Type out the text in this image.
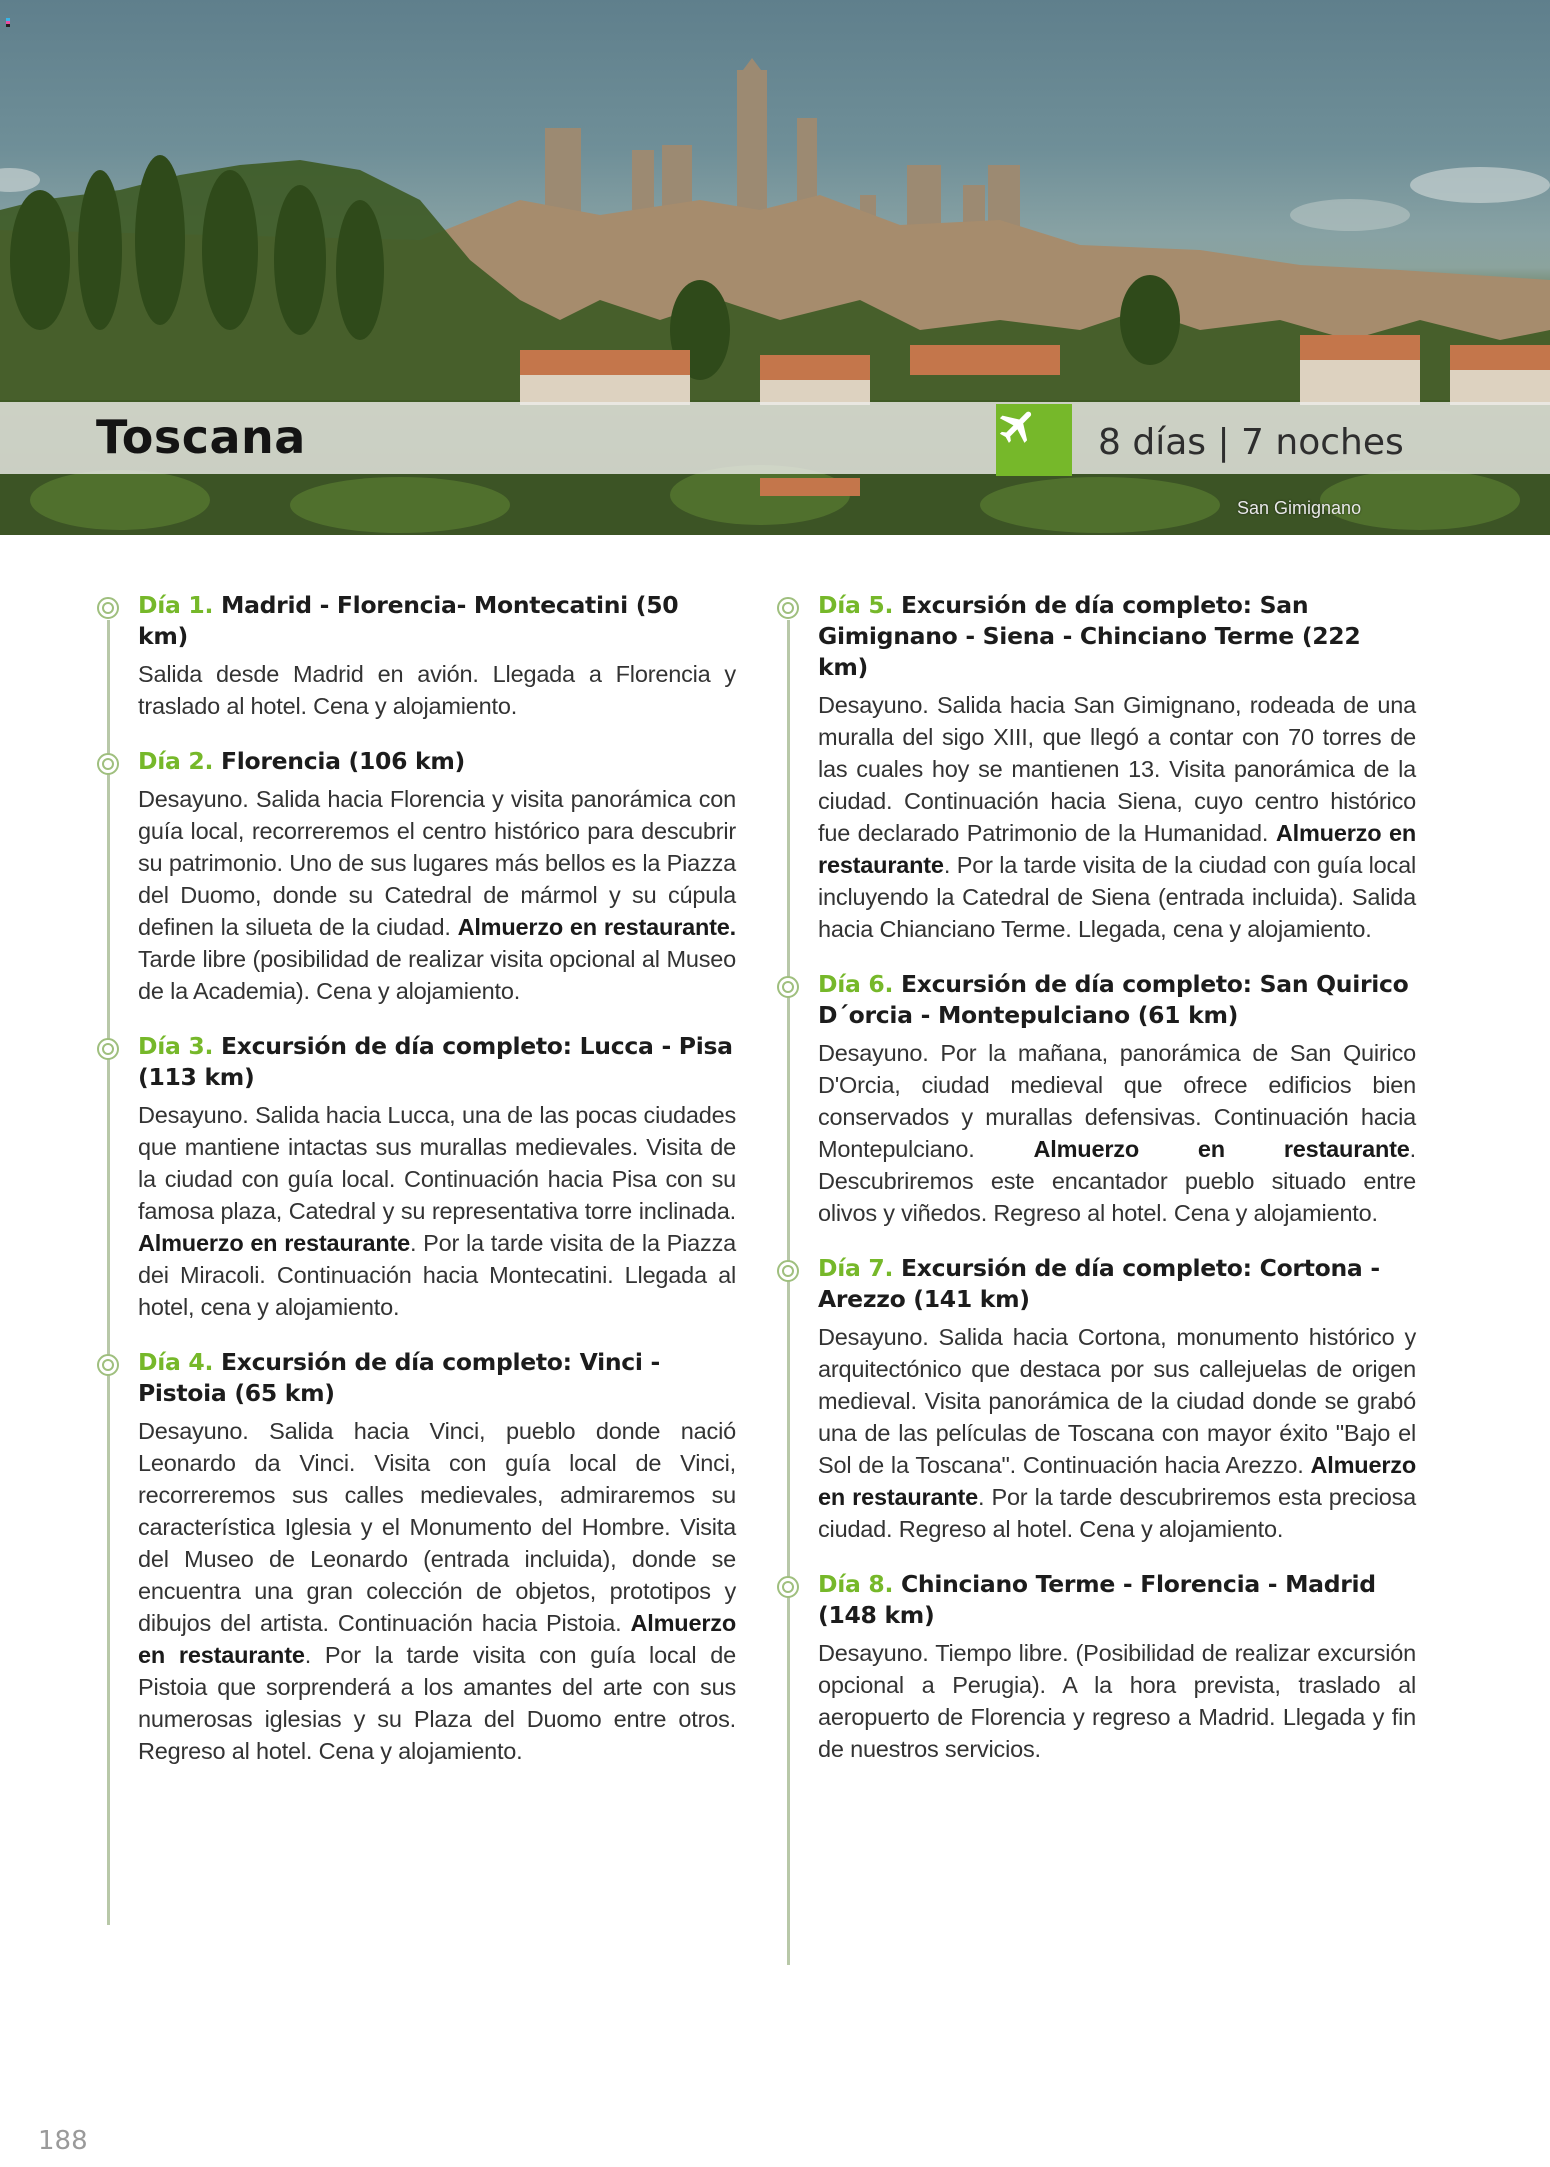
Toscana	8 días | 7 noches
San Gimignano
Día 1. Madrid - Florencia- Montecatini (50 km)

Salida desde Madrid en avión. Llegada a Florencia y traslado al hotel. Cena y alojamiento.

Día 2. Florencia (106 km)

Desayuno. Salida hacia Florencia y visita panorámica con guía local, recorreremos el centro histórico para descubrir su patrimonio. Uno de sus lugares más bellos es la Piazza del Duomo, donde su Catedral de mármol y su cúpula definen la silueta de la ciudad. Almuerzo en restaurante. Tarde libre (posibilidad de realizar visita opcional al Museo de la Academia). Cena y alojamiento.

Día 3. Excursión de día completo: Lucca - Pisa (113 km)

Desayuno. Salida hacia Lucca, una de las pocas ciudades que mantiene intactas sus murallas medievales. Visita de la ciudad con guía local. Continuación hacia Pisa con su famosa plaza, Catedral y su representativa torre inclinada. Almuerzo en restaurante. Por la tarde visita de la Piazza dei Miracoli. Continuación hacia Montecatini. Llegada al hotel, cena y alojamiento.

Día 4. Excursión de día completo: Vinci - Pistoia (65 km)

Desayuno. Salida hacia Vinci, pueblo donde nació Leonardo da Vinci. Visita con guía local de Vinci, recorreremos sus calles medievales, admiraremos su característica Iglesia y el Monumento del Hombre. Visita del Museo de Leonardo (entrada incluida), donde se encuentra una gran colección de objetos, prototipos y dibujos del artista. Continuación hacia Pistoia. Almuerzo en restaurante. Por la tarde visita con guía local de Pistoia que sorprenderá a los amantes del arte con sus numerosas iglesias y su Plaza del Duomo entre otros. Regreso al hotel. Cena y alojamiento.

Día 5. Excursión de día completo: San Gimignano - Siena - Chinciano Terme (222 km)

Desayuno. Salida hacia San Gimignano, rodeada de una muralla del sigo XIII, que llegó a contar con 70 torres de las cuales hoy se mantienen 13. Visita panorámica de la ciudad. Continuación hacia Siena, cuyo centro histórico fue declarado Patrimonio de la Humanidad. Almuerzo en restaurante. Por la tarde visita de la ciudad con guía local incluyendo la Catedral de Siena (entrada incluida). Salida hacia Chianciano Terme. Llegada, cena y alojamiento.

Día 6. Excursión de día completo: San Quirico D´orcia - Montepulciano (61 km)

Desayuno. Por la mañana, panorámica de San Quirico D'Orcia, ciudad medieval que ofrece edificios bien conservados y murallas defensivas. Continuación hacia Montepulciano. Almuerzo en restaurante. Descubriremos este encantador pueblo situado entre olivos y viñedos. Regreso al hotel. Cena y alojamiento.

Día 7. Excursión de día completo: Cortona - Arezzo (141 km)

Desayuno. Salida hacia Cortona, monumento histórico y arquitectónico que destaca por sus callejuelas de origen medieval. Visita panorámica de la ciudad donde se grabó una de las películas de Toscana con mayor éxito "Bajo el Sol de la Toscana". Continuación hacia Arezzo. Almuerzo en restaurante. Por la tarde descubriremos esta preciosa ciudad. Regreso al hotel. Cena y alojamiento.

Día 8. Chinciano Terme - Florencia - Madrid (148 km)

Desayuno. Tiempo libre. (Posibilidad de realizar excursión opcional a Perugia). A la hora prevista, traslado al aeropuerto de Florencia y regreso a Madrid. Llegada y fin de nuestros servicios.

188
